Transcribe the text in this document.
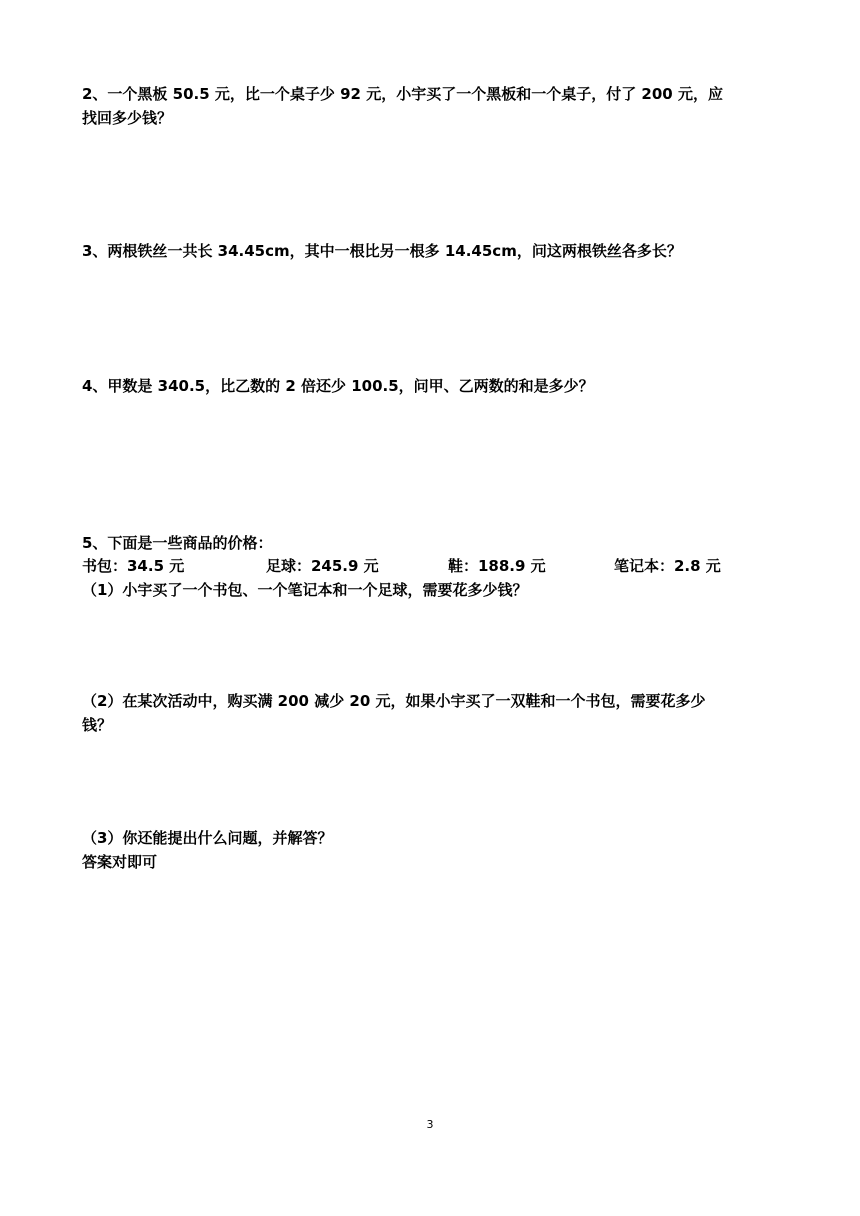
2、一个黑板 50.5 元，比一个桌子少 92 元，小宇买了一个黑板和一个桌子，付了 200 元，应
找回多少钱？
3、两根铁丝一共长 34.45cm，其中一根比另一根多 14.45cm，问这两根铁丝各多长？
4、甲数是 340.5，比乙数的 2 倍还少 100.5，问甲、乙两数的和是多少？
5、下面是一些商品的价格：
书包：34.5 元	足球：245.9 元	鞋：188.9 元	笔记本：2.8 元
（1）小宇买了一个书包、一个笔记本和一个足球，需要花多少钱？
（2）在某次活动中，购买满 200 减少 20 元，如果小宇买了一双鞋和一个书包，需要花多少
钱？
（3）你还能提出什么问题，并解答？
答案对即可
3
